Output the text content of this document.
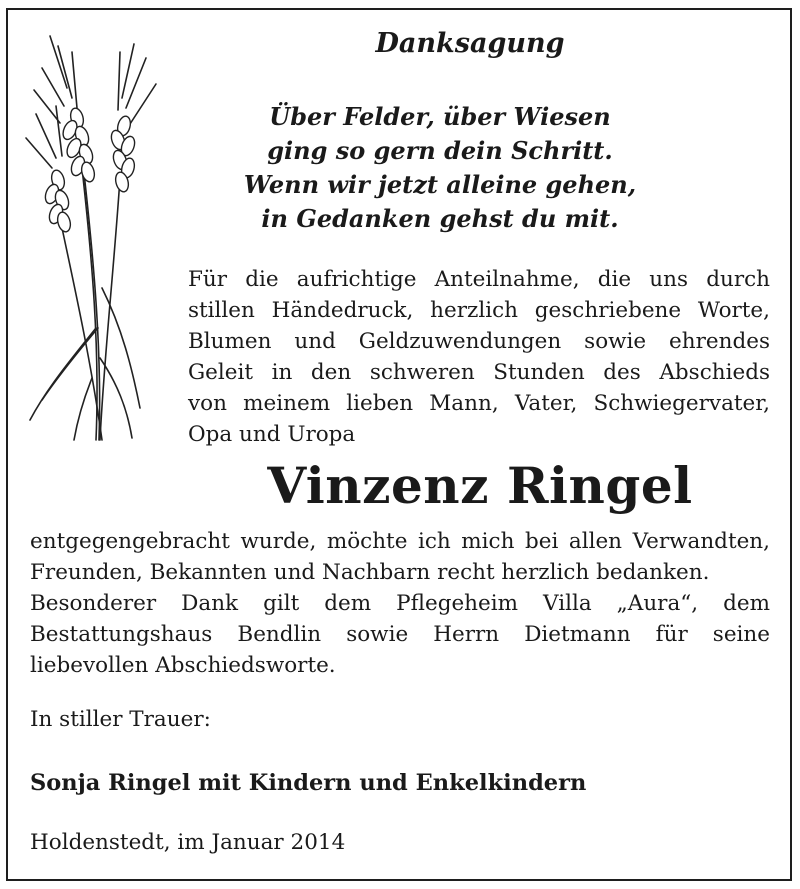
Danksagung
Über Felder, über Wiesen
ging so gern dein Schritt.
Wenn wir jetzt alleine gehen,
in Gedanken gehst du mit.
Für die aufrichtige Anteilnahme, die uns durch
stillen Händedruck, herzlich geschriebene Worte,
Blumen und Geldzuwendungen sowie ehrendes
Geleit in den schweren Stunden des Abschieds
von meinem lieben Mann, Vater, Schwiegervater,
Opa und Uropa
Vinzenz Ringel
entgegengebracht wurde, möchte ich mich bei allen Verwandten,
Freunden, Bekannten und Nachbarn recht herzlich bedanken.
Besonderer Dank gilt dem Pflegeheim Villa „Aura“, dem
Bestattungshaus Bendlin sowie Herrn Dietmann für seine
liebevollen Abschiedsworte.
In stiller Trauer:
Sonja Ringel mit Kindern und Enkelkindern
Holdenstedt, im Januar 2014
